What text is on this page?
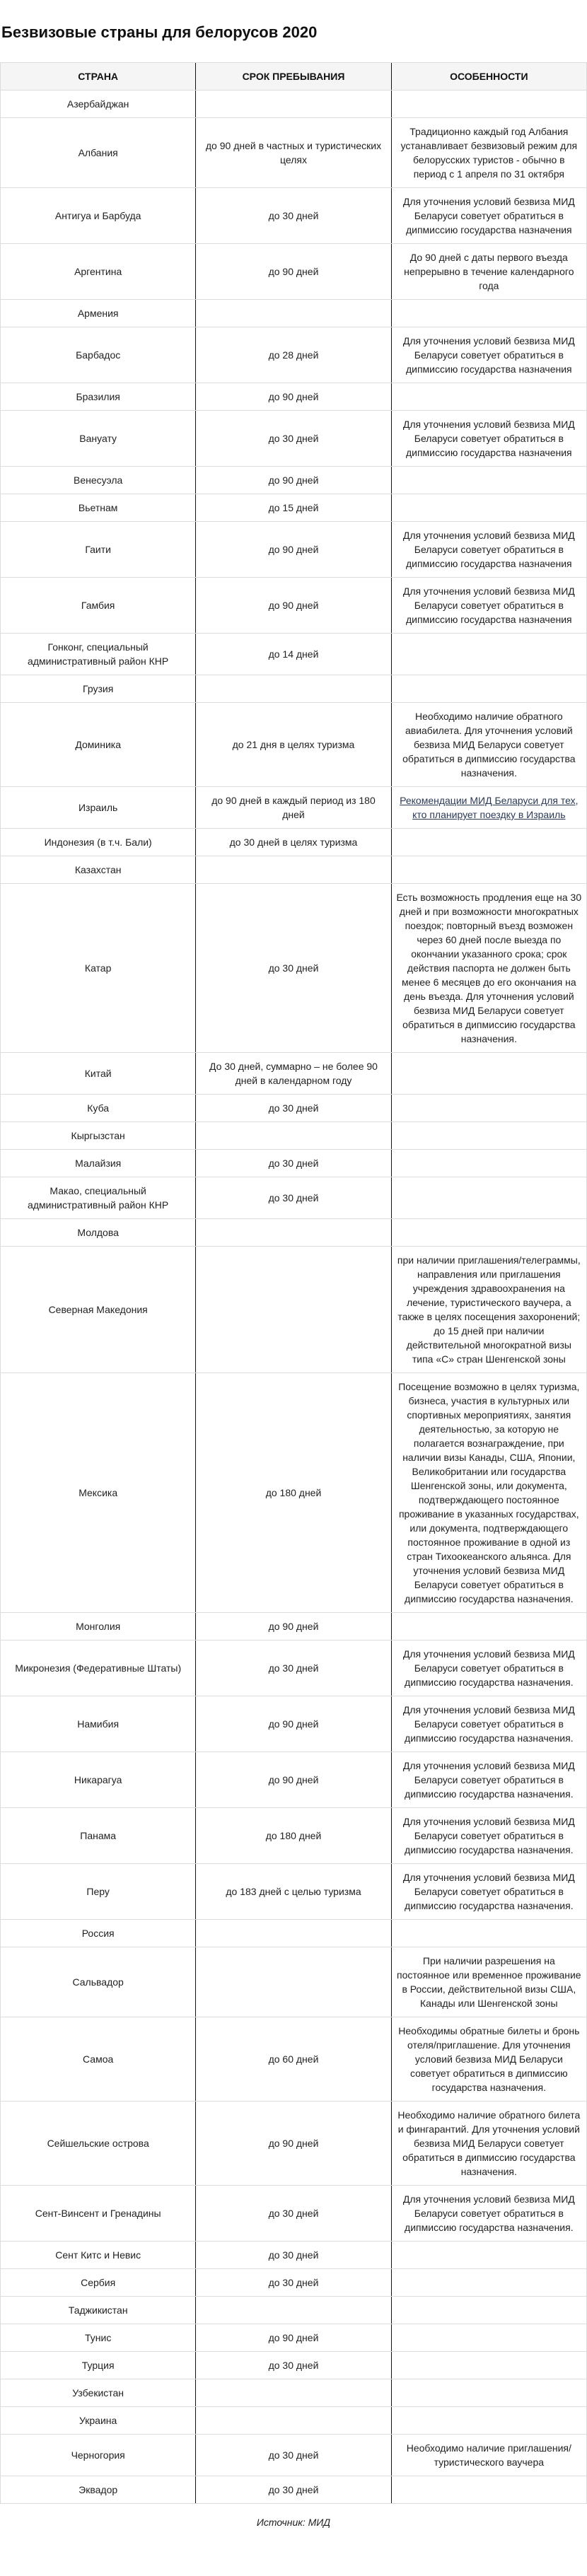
Безвизовые страны для белорусов 2020
СТРАНА	СРОК ПРЕБЫВАНИЯ	ОСОБЕННОСТИ
Азербайджан		
Албания	до 90 дней в частных и туристических целях	Традиционно каждый год Албания устанавливает безвизовый режим для белорусских туристов - обычно в период с 1 апреля по 31 октября
Антигуа и Барбуда	до 30 дней	Для уточнения условий безвиза МИД Беларуси советует обратиться в дипмиссию государства назначения
Аргентина	до 90 дней	До 90 дней с даты первого въезда непрерывно в течение календарного года
Армения		
Барбадос	до 28 дней	Для уточнения условий безвиза МИД Беларуси советует обратиться в дипмиссию государства назначения
Бразилия	до 90 дней	
Вануату	до 30 дней	Для уточнения условий безвиза МИД Беларуси советует обратиться в дипмиссию государства назначения
Венесуэла	до 90 дней	
Вьетнам	до 15 дней	
Гаити	до 90 дней	Для уточнения условий безвиза МИД Беларуси советует обратиться в дипмиссию государства назначения
Гамбия	до 90 дней	Для уточнения условий безвиза МИД Беларуси советует обратиться в дипмиссию государства назначения
Гонконг, специальный административный район КНР	до 14 дней	
Грузия		
Доминика	до 21 дня в целях туризма	Необходимо наличие обратного авиабилета. Для уточнения условий безвиза МИД Беларуси советует обратиться в дипмиссию государства назначения.
Израиль	до 90 дней в каждый период из 180 дней	Рекомендации МИД Беларуси для тех, кто планирует поездку в Израиль
Индонезия (в т.ч. Бали)	до 30 дней в целях туризма	
Казахстан		
Катар	до 30 дней	Есть возможность продления еще на 30 дней и при возможности многократных поездок; повторный въезд возможен через 60 дней после выезда по окончании указанного срока; срок действия паспорта не должен быть менее 6 месяцев до его окончания на день въезда. Для уточнения условий безвиза МИД Беларуси советует обратиться в дипмиссию государства назначения.
Китай	До 30 дней, суммарно – не более 90 дней в календарном году	
Куба	до 30 дней	
Кыргызстан		
Малайзия	до 30 дней	
Макао, специальный административный район КНР	до 30 дней	
Молдова		
Северная Македония		при наличии приглашения/телеграммы, направления или приглашения учреждения здравоохранения на лечение, туристического ваучера, а также в целях посещения захоронений; до 15 дней при наличии действительной многократной визы типа «С» стран Шенгенской зоны
Мексика	до 180 дней	Посещение возможно в целях туризма, бизнеса, участия в культурных или спортивных мероприятиях, занятия деятельностью, за которую не полагается вознаграждение, при наличии визы Канады, США, Японии, Великобритании или государства Шенгенской зоны, или документа, подтверждающего постоянное проживание в указанных государствах, или документа, подтверждающего постоянное проживание в одной из стран Тихоокеанского альянса. Для уточнения условий безвиза МИД Беларуси советует обратиться в дипмиссию государства назначения.
Монголия	до 90 дней	
Микронезия (Федеративные Штаты)	до 30 дней	Для уточнения условий безвиза МИД Беларуси советует обратиться в дипмиссию государства назначения.
Намибия	до 90 дней	Для уточнения условий безвиза МИД Беларуси советует обратиться в дипмиссию государства назначения.
Никарагуа	до 90 дней	Для уточнения условий безвиза МИД Беларуси советует обратиться в дипмиссию государства назначения.
Панама	до 180 дней	Для уточнения условий безвиза МИД Беларуси советует обратиться в дипмиссию государства назначения.
Перу	до 183 дней с целью туризма	Для уточнения условий безвиза МИД Беларуси советует обратиться в дипмиссию государства назначения.
Россия		
Сальвадор		При наличии разрешения на постоянное или временное проживание в России, действительной визы США, Канады или Шенгенской зоны
Самоа	до 60 дней	Необходимы обратные билеты и бронь отеля/приглашение. Для уточнения условий безвиза МИД Беларуси советует обратиться в дипмиссию государства назначения.
Сейшельские острова	до 90 дней	Необходимо наличие обратного билета и фингарантий. Для уточнения условий безвиза МИД Беларуси советует обратиться в дипмиссию государства назначения.
Сент-Винсент и Гренадины	до 30 дней	Для уточнения условий безвиза МИД Беларуси советует обратиться в дипмиссию государства назначения.
Сент Китс и Невис	до 30 дней	
Сербия	до 30 дней	
Таджикистан		
Тунис	до 90 дней	
Турция	до 30 дней	
Узбекистан		
Украина		
Черногория	до 30 дней	Необходимо наличие приглашения/туристического ваучера
Эквадор	до 30 дней	
Источник: МИД
